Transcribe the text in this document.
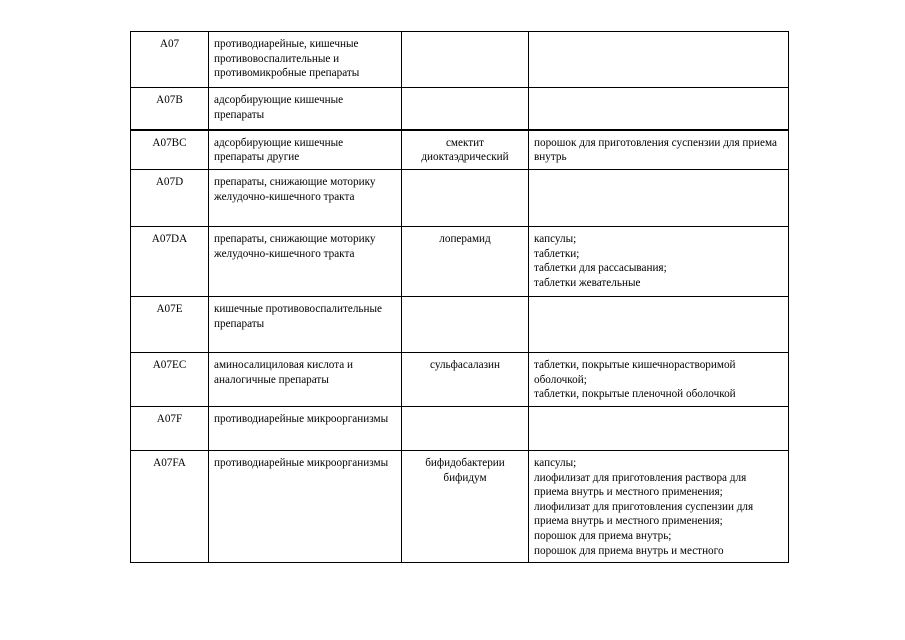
A07	противодиарейные, кишечные противовоспалительные и противомикробные препараты		
A07B	адсорбирующие кишечные препараты		
A07BC	адсорбирующие кишечные препараты другие	смектит диоктаэдрический	порошок для приготовления суспензии для приема внутрь

A07D	препараты, снижающие моторику желудочно-кишечного тракта		
A07DA	препараты, снижающие моторику желудочно-кишечного тракта	лоперамид	капсулы;
таблетки;
таблетки для рассасывания;
таблетки жевательные

A07E	кишечные противовоспалительные препараты		
A07EC	аминосалициловая кислота и аналогичные препараты	сульфасалазин	таблетки, покрытые кишечнорастворимой оболочкой;
таблетки, покрытые пленочной оболочкой

A07F	противодиарейные микроорганизмы		
A07FA	противодиарейные микроорганизмы	бифидобактерии бифидум	капсулы;
лиофилизат для приготовления раствора для приема внутрь и местного применения;
лиофилизат для приготовления суспензии для приема внутрь и местного применения;
порошок для приема внутрь;
порошок для приема внутрь и местного
